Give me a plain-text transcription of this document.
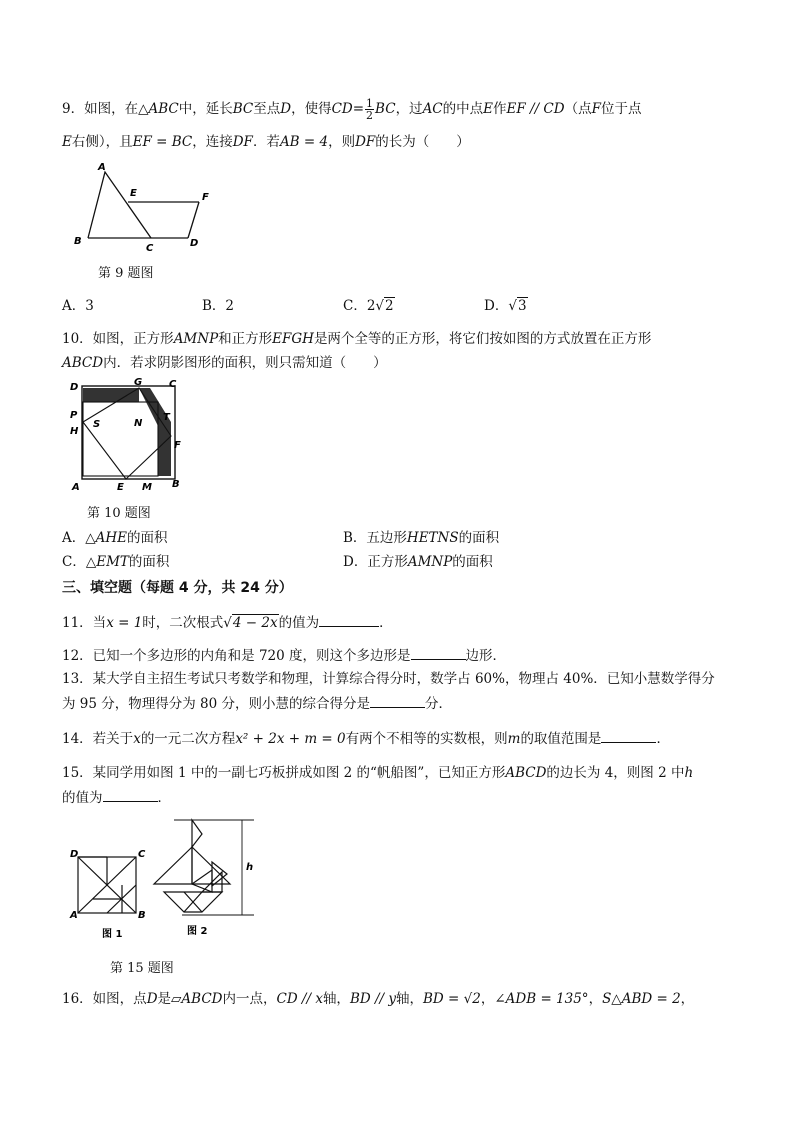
9．如图，在△ABC中，延长BC至点D，使得$CD= \frac{1}{2}$ BC，过AC的中点E作EF // CD（点F位于点
E右侧），且EF = BC，连接DF．若AB = 4，则DF的长为（　　）
A
E	F
B
C	D
第 9 题图
A．3	B．2	C．2√2	D．√3
10．如图，正方形AMNP和正方形EFGH是两个全等的正方形，将它们按如图的方式放置在正方形
ABCD内．若求阴影图形的面积，则只需知道（　　）
D	G	C
P
H
S	N
T
F
A	E M B
第 10 题图
A．△AHE的面积	B．五边形HETNS的面积
C．△EMT的面积	D．正方形AMNP的面积
三、填空题（每题 4 分，共 24 分）
11．当x = 1时，二次根式√4 − 2x的值为	．
12．已知一个多边形的内角和是 720 度，则这个多边形是	边形．
13．某大学自主招生考试只考数学和物理，计算综合得分时，数学占 60%，物理占 40%．已知小慧数学得分
为 95 分，物理得分为 80 分，则小慧的综合得分是	分．
14．若关于x的一元二次方程x² + 2x + m = 0有两个不相等的实数根，则m的取值范围是	．
15．某同学用如图 1 中的一副七巧板拼成如图 2 的“帆船图”，已知正方形ABCD的边长为 4，则图 2 中h
的值为	．
h
D	C
A	B
图 1	图 2
第 15 题图
16．如图，点D是▱ABCD内一点，CD // x轴，BD // y轴，BD = √2，∠ADB = 135°，S△ABD = 2，
